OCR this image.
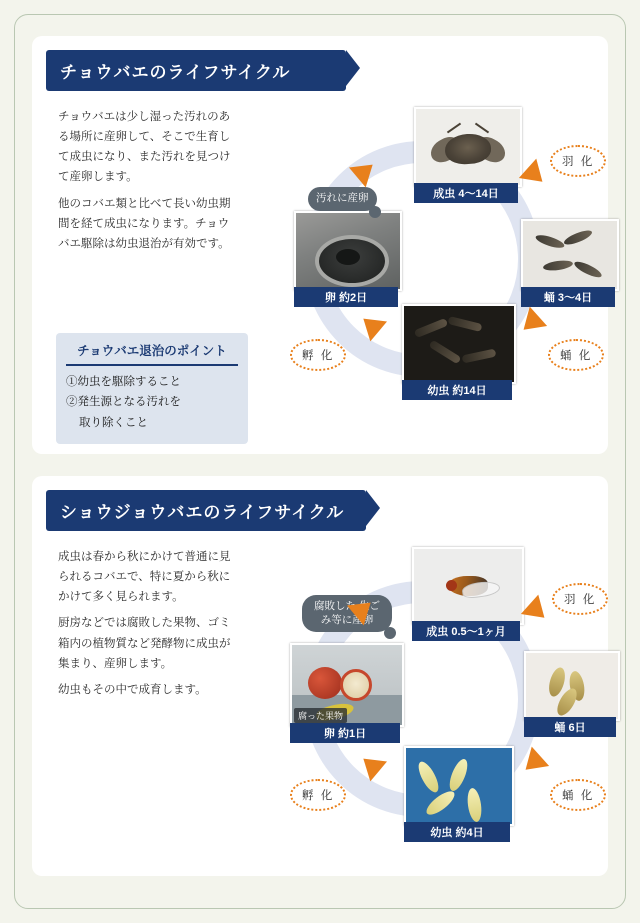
チョウバエのライフサイクル

チョウバエは少し湿った汚れのある場所に産卵して、そこで生育して成虫になり、また汚れを見つけて産卵します。

他のコバエ類と比べて長い幼虫期間を経て成虫になります。チョウバエ駆除は幼虫退治が有効です。

チョウバエ退治のポイント
①幼虫を駆除すること
②発生源となる汚れを
取り除くこと
成虫 4〜14日
蛹 3〜4日
幼虫 約14日
卵 約2日
汚れに産卵
羽 化
蛹 化
孵 化
ショウジョウバエのライフサイクル

成虫は春から秋にかけて普通に見られるコバエで、特に夏から秋にかけて多く見られます。

厨房などでは腐敗した果物、ゴミ箱内の植物質など発酵物に成虫が集まり、産卵します。

幼虫もその中で成育します。

成虫 0.5〜1ヶ月
蛹 6日
幼虫 約4日
腐った果物
卵 約1日
腐敗した 生ごみ等に産卵
羽 化
蛹 化
孵 化
